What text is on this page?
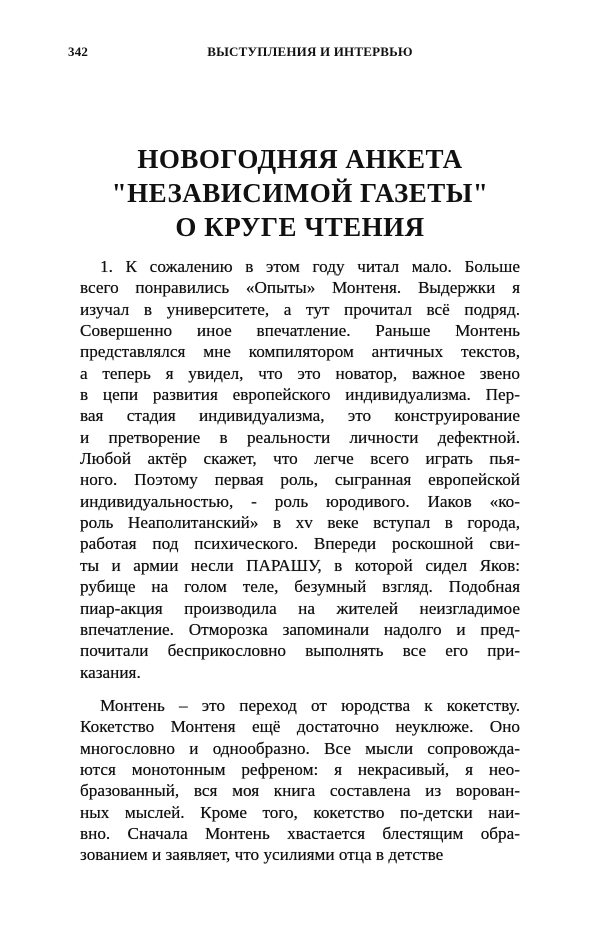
342	ВЫСТУПЛЕНИЯ И ИНТЕРВЬЮ
НОВОГОДНЯЯ АНКЕТА
"НЕЗАВИСИМОЙ ГАЗЕТЫ"
О КРУГЕ ЧТЕНИЯ
1. К сожалению в этом году читал мало. Больше
всего понравились «Опыты» Монтеня. Выдержки я
изучал в университете, а тут прочитал всё подряд.
Совершенно иное впечатление. Раньше Монтень
представлялся мне компилятором античных текстов,
а теперь я увидел, что это новатор, важное звено
в цепи развития европейского индивидуализма. Пер-
вая стадия индивидуализма, это конструирование
и претворение в реальности личности дефектной.
Любой актёр скажет, что легче всего играть пья-
ного. Поэтому первая роль, сыгранная европейской
индивидуальностью, - роль юродивого. Иаков «ко-
роль Неаполитанский» в xv веке вступал в города,
работая под психического. Впереди роскошной сви-
ты и армии несли ПАРАШУ, в которой сидел Яков:
рубище на голом теле, безумный взгляд. Подобная
пиар-акция производила на жителей неизгладимое
впечатление. Отморозка запоминали надолго и пред-
почитали бесприкословно выполнять все его при-
казания.
Монтень – это переход от юродства к кокетству.
Кокетство Монтеня ещё достаточно неуклюже. Оно
многословно и однообразно. Все мысли сопровожда-
ются монотонным рефреном: я некрасивый, я нео-
бразованный, вся моя книга составлена из ворован-
ных мыслей. Кроме того, кокетство по-детски наи-
вно. Сначала Монтень хвастается блестящим обра-
зованием и заявляет, что усилиями отца в детстве
